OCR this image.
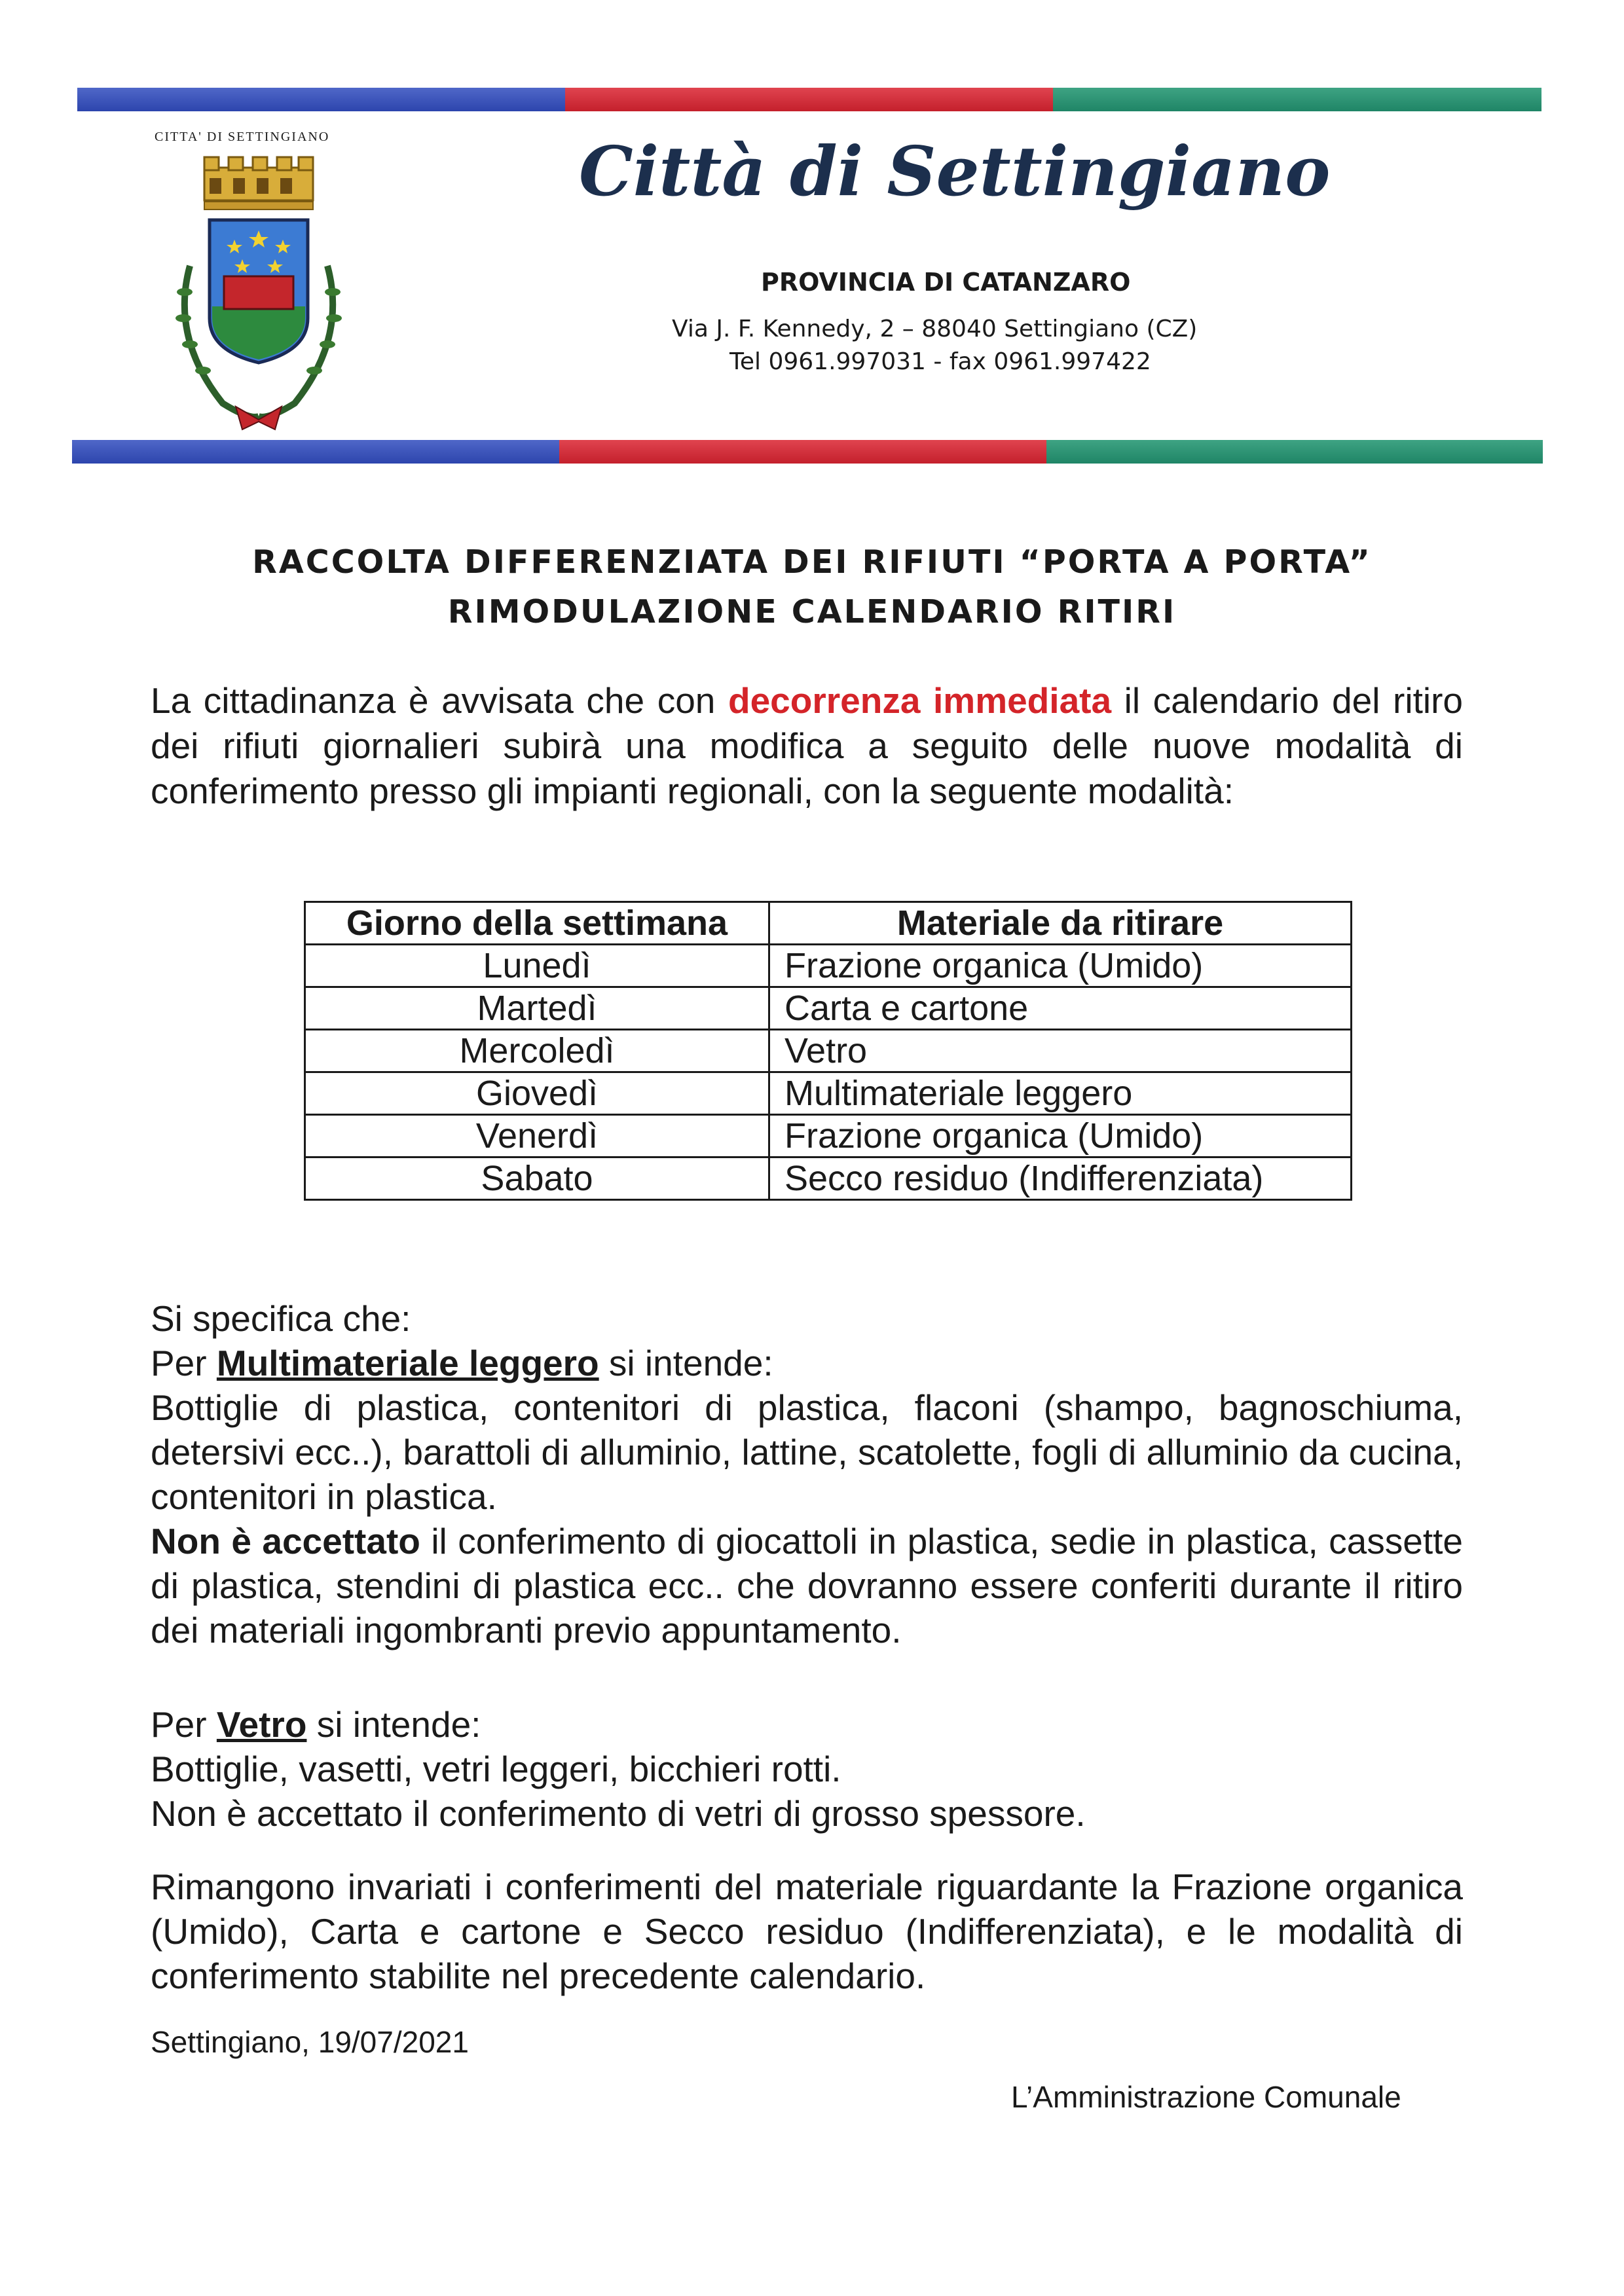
CITTA' DI SETTINGIANO	Città di Settingiano
PROVINCIA DI CATANZARO
Via J. F. Kennedy, 2 – 88040 Settingiano (CZ)
Tel 0961.997031 - fax 0961.997422
RACCOLTA DIFFERENZIATA DEI RIFIUTI “PORTA A PORTA”
RIMODULAZIONE CALENDARIO RITIRI
La cittadinanza è avvisata che con decorrenza immediata il calendario del ritiro dei rifiuti giornalieri subirà una modifica a seguito delle nuove modalità di conferimento presso gli impianti regionali, con la seguente modalità:
Giorno della settimana	Materiale da ritirare
Lunedì	Frazione organica (Umido)
Martedì	Carta e cartone
Mercoledì	Vetro
Giovedì	Multimateriale leggero
Venerdì	Frazione organica (Umido)
Sabato	Secco residuo (Indifferenziata)
Si specifica che:
Per Multimateriale leggero si intende:
Bottiglie di plastica, contenitori di plastica, flaconi (shampo, bagnoschiuma, detersivi ecc..), barattoli di alluminio, lattine, scatolette, fogli di alluminio da cucina, contenitori in plastica.
Non è accettato il conferimento di giocattoli in plastica, sedie in plastica, cassette di plastica, stendini di plastica ecc.. che dovranno essere conferiti durante il ritiro dei materiali ingombranti previo appuntamento.
Per Vetro si intende:
Bottiglie, vasetti, vetri leggeri, bicchieri rotti.
Non è accettato il conferimento di vetri di grosso spessore.
Rimangono invariati i conferimenti del materiale riguardante la Frazione organica (Umido), Carta e cartone e Secco residuo (Indifferenziata), e le modalità di conferimento stabilite nel precedente calendario.
Settingiano, 19/07/2021
L’Amministrazione Comunale
